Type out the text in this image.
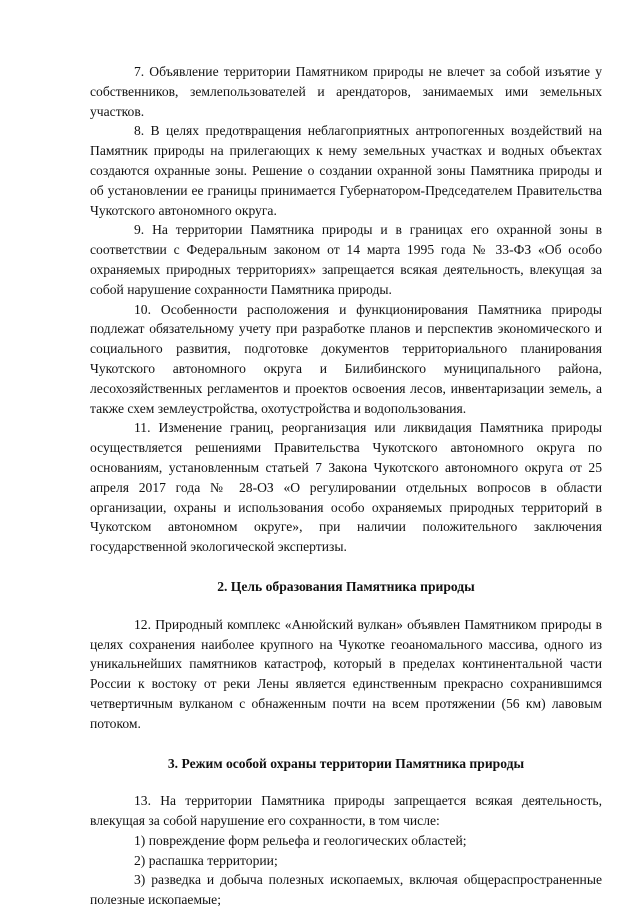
7. Объявление территории Памятником природы не влечет за собой изъятие у собственников, землепользователей и арендаторов, занимаемых ими земельных участков.

8. В целях предотвращения неблагоприятных антропогенных воздействий на Памятник природы на прилегающих к нему земельных участках и водных объектах создаются охранные зоны. Решение о создании охранной зоны Памятника природы и об установлении ее границы принимается Губернатором-Председателем Правительства Чукотского автономного округа.

9. На территории Памятника природы и в границах его охранной зоны в соответствии с Федеральным законом от 14 марта 1995 года № 33-ФЗ «Об особо охраняемых природных территориях» запрещается всякая деятельность, влекущая за собой нарушение сохранности Памятника природы.

10. Особенности расположения и функционирования Памятника природы подлежат обязательному учету при разработке планов и перспектив экономического и социального развития, подготовке документов территориального планирования Чукотского автономного округа и Билибинского муниципального района, лесохозяйственных регламентов и проектов освоения лесов, инвентаризации земель, а также схем землеустройства, охотустройства и водопользования.

11. Изменение границ, реорганизация или ликвидация Памятника природы осуществляется решениями Правительства Чукотского автономного округа по основаниям, установленным статьей 7 Закона Чукотского автономного округа от 25 апреля 2017 года № 28-ОЗ «О регулировании отдельных вопросов в области организации, охраны и использования особо охраняемых природных территорий в Чукотском автономном округе», при наличии положительного заключения государственной экологической экспертизы.

2. Цель образования Памятника природы

12. Природный комплекс «Анюйский вулкан» объявлен Памятником природы в целях сохранения наиболее крупного на Чукотке геоаномального массива, одного из уникальнейших памятников катастроф, который в пределах континентальной части России к востоку от реки Лены является единственным прекрасно сохранившимся четвертичным вулканом с обнаженным почти на всем протяжении (56 км) лавовым потоком.

3. Режим особой охраны территории Памятника природы

13. На территории Памятника природы запрещается всякая деятельность, влекущая за собой нарушение его сохранности, в том числе:

1) повреждение форм рельефа и геологических областей;

2) распашка территории;

3) разведка и добыча полезных ископаемых, включая общераспространенные полезные ископаемые;
